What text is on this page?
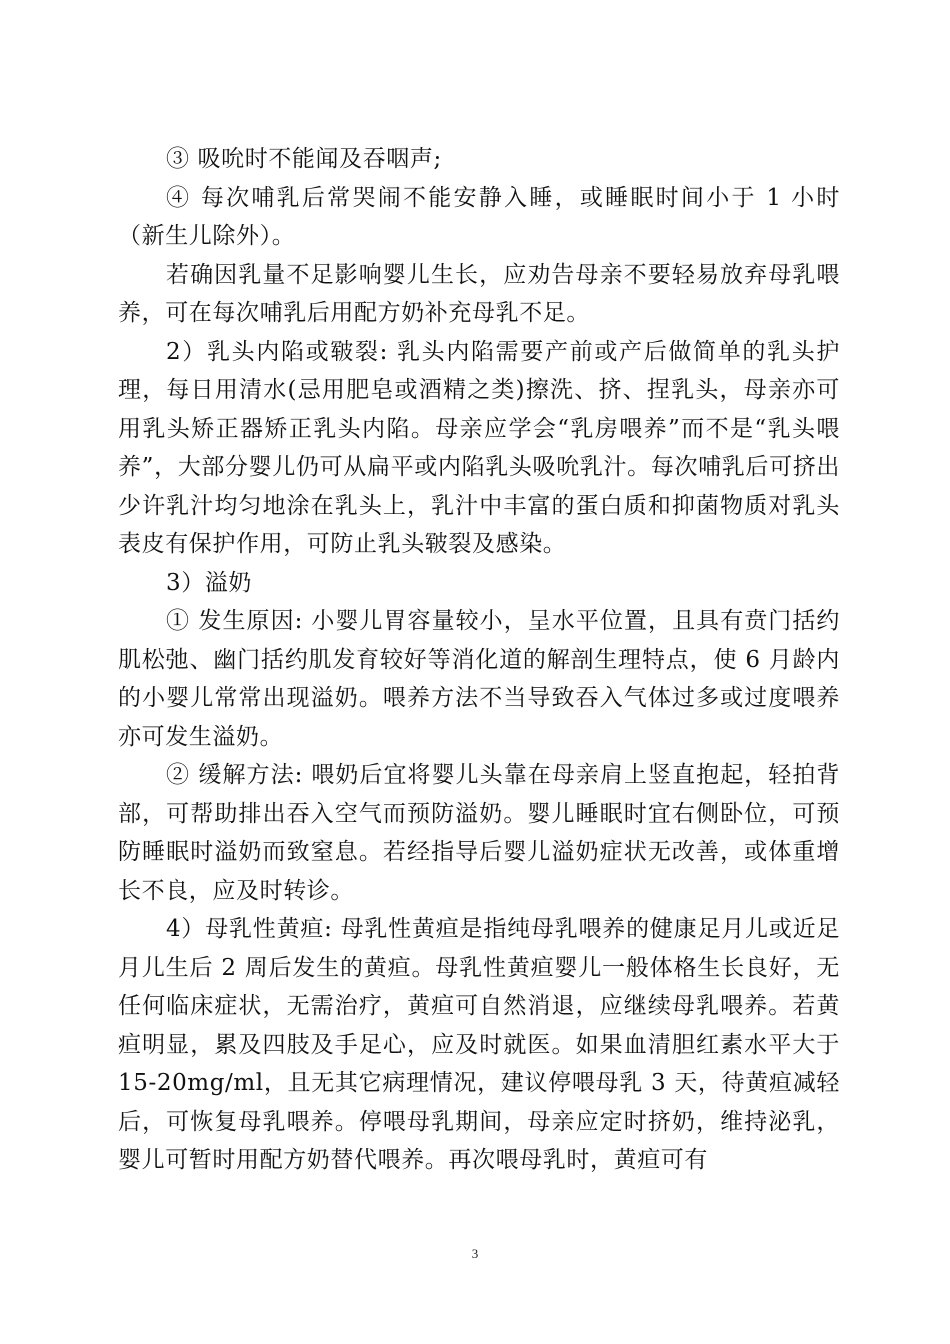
③ 吸吮时不能闻及吞咽声;

④ 每次哺乳后常哭闹不能安静入睡，或睡眠时间小于 1 小时（新生儿除外）。

若确因乳量不足影响婴儿生长，应劝告母亲不要轻易放弃母乳喂养，可在每次哺乳后用配方奶补充母乳不足。

2）乳头内陷或皲裂: 乳头内陷需要产前或产后做简单的乳头护理，每日用清水(忌用肥皂或酒精之类)擦洗、挤、捏乳头，母亲亦可用乳头矫正器矫正乳头内陷。母亲应学会“乳房喂养”而不是“乳头喂养”，大部分婴儿仍可从扁平或内陷乳头吸吮乳汁。每次哺乳后可挤出少许乳汁均匀地涂在乳头上，乳汁中丰富的蛋白质和抑菌物质对乳头表皮有保护作用，可防止乳头皲裂及感染。

3）溢奶

① 发生原因: 小婴儿胃容量较小，呈水平位置，且具有贲门括约肌松弛、幽门括约肌发育较好等消化道的解剖生理特点，使 6 月龄内的小婴儿常常出现溢奶。喂养方法不当导致吞入气体过多或过度喂养亦可发生溢奶。

② 缓解方法: 喂奶后宜将婴儿头靠在母亲肩上竖直抱起，轻拍背部，可帮助排出吞入空气而预防溢奶。婴儿睡眠时宜右侧卧位，可预防睡眠时溢奶而致窒息。若经指导后婴儿溢奶症状无改善，或体重增长不良，应及时转诊。

4）母乳性黄疸: 母乳性黄疸是指纯母乳喂养的健康足月儿或近足月儿生后 2 周后发生的黄疸。母乳性黄疸婴儿一般体格生长良好，无任何临床症状，无需治疗，黄疸可自然消退，应继续母乳喂养。若黄疸明显，累及四肢及手足心，应及时就医。如果血清胆红素水平大于 15-20mg/ml，且无其它病理情况，建议停喂母乳 3 天，待黄疸减轻后，可恢复母乳喂养。停喂母乳期间，母亲应定时挤奶，维持泌乳，婴儿可暂时用配方奶替代喂养。再次喂母乳时，黄疸可有

3
